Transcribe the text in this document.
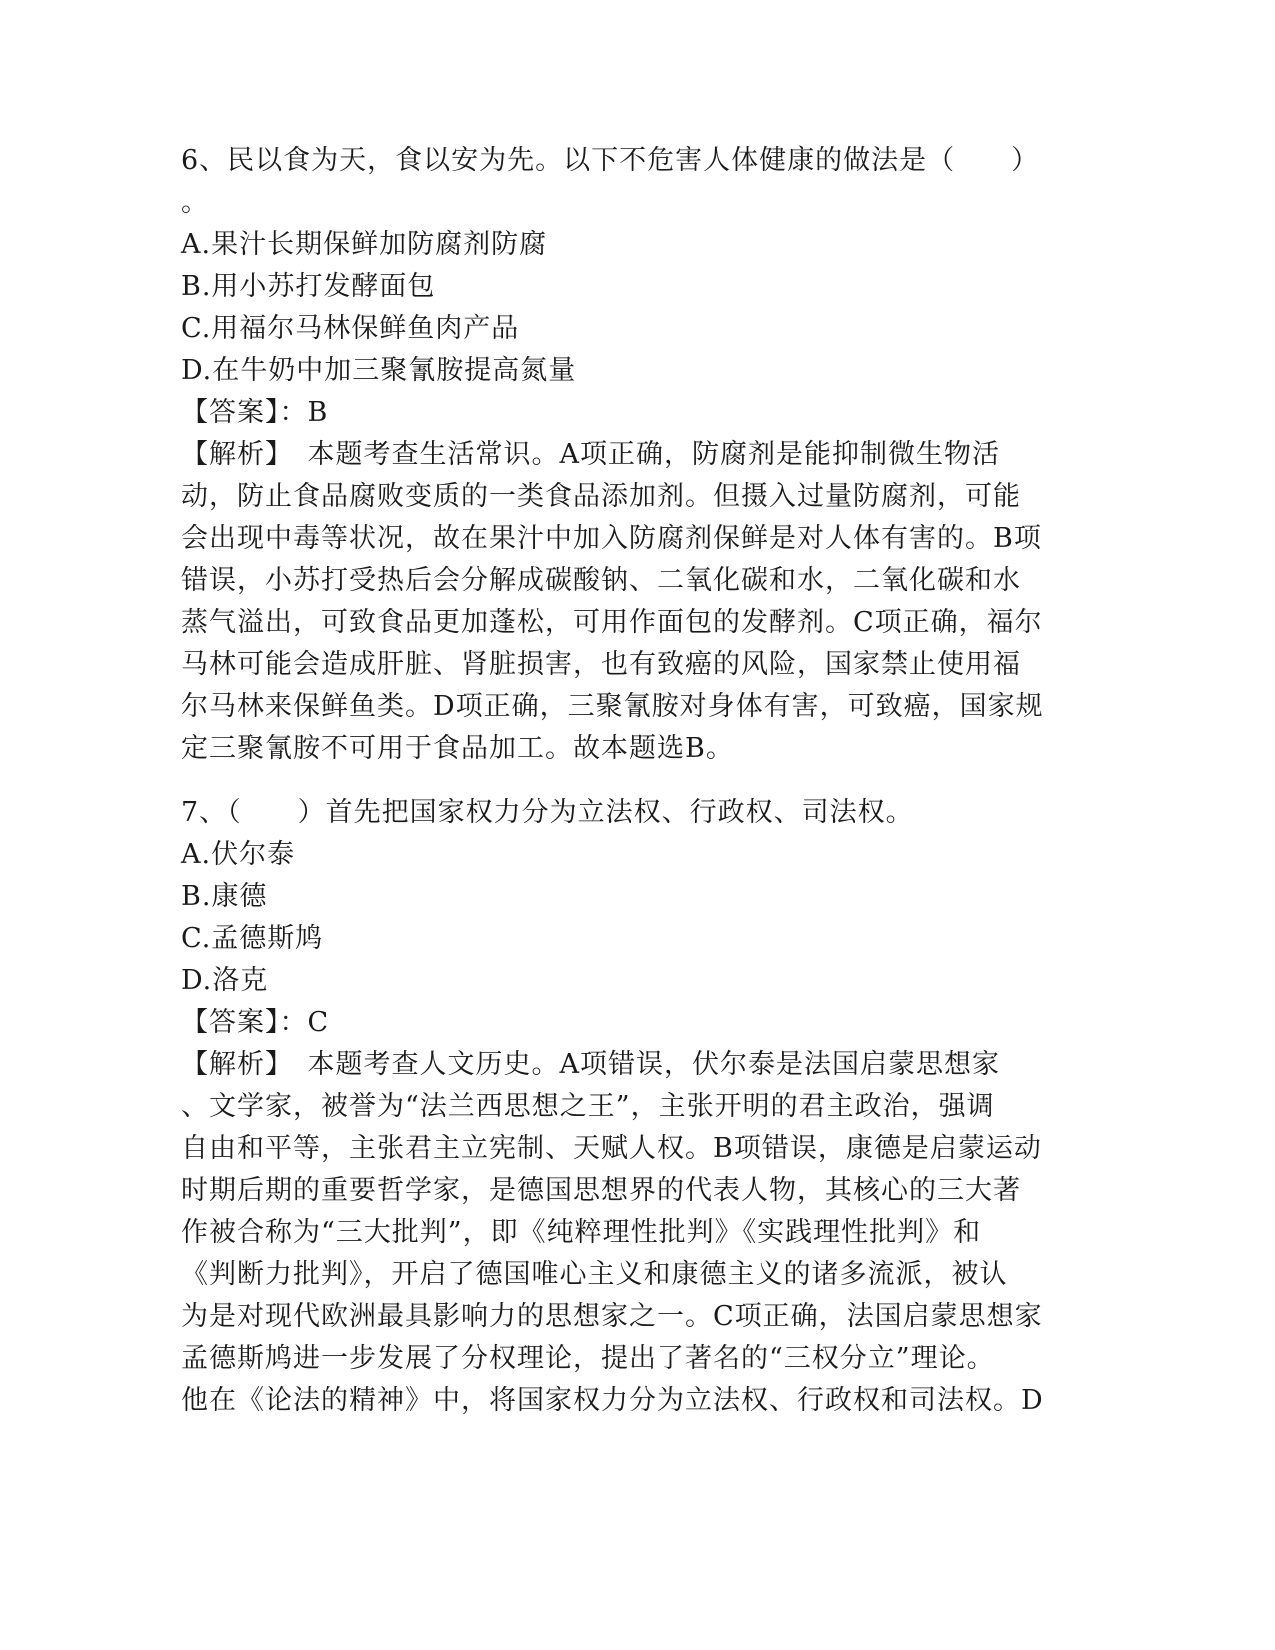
6、民以食为天，食以安为先。以下不危害人体健康的做法是（　　）
。
A.果汁长期保鲜加防腐剂防腐
B.用小苏打发酵面包
C.用福尔马林保鲜鱼肉产品
D.在牛奶中加三聚氰胺提高氮量
【答案】：B
【解析】　本题考查生活常识。A项正确，防腐剂是能抑制微生物活
动，防止食品腐败变质的一类食品添加剂。但摄入过量防腐剂，可能
会出现中毒等状况，故在果汁中加入防腐剂保鲜是对人体有害的。B项
错误，小苏打受热后会分解成碳酸钠、二氧化碳和水，二氧化碳和水
蒸气溢出，可致食品更加蓬松，可用作面包的发酵剂。C项正确，福尔
马林可能会造成肝脏、肾脏损害，也有致癌的风险，国家禁止使用福
尔马林来保鲜鱼类。D项正确，三聚氰胺对身体有害，可致癌，国家规
定三聚氰胺不可用于食品加工。故本题选B。
7、（　　）首先把国家权力分为立法权、行政权、司法权。
A.伏尔泰
B.康德
C.孟德斯鸠
D.洛克
【答案】：C
【解析】　本题考查人文历史。A项错误，伏尔泰是法国启蒙思想家
、文学家，被誉为“法兰西思想之王”，主张开明的君主政治，强调
自由和平等，主张君主立宪制、天赋人权。B项错误，康德是启蒙运动
时期后期的重要哲学家，是德国思想界的代表人物，其核心的三大著
作被合称为“三大批判”，即《纯粹理性批判》《实践理性批判》和
《判断力批判》，开启了德国唯心主义和康德主义的诸多流派，被认
为是对现代欧洲最具影响力的思想家之一。C项正确，法国启蒙思想家
孟德斯鸠进一步发展了分权理论，提出了著名的“三权分立”理论。
他在《论法的精神》中，将国家权力分为立法权、行政权和司法权。D
